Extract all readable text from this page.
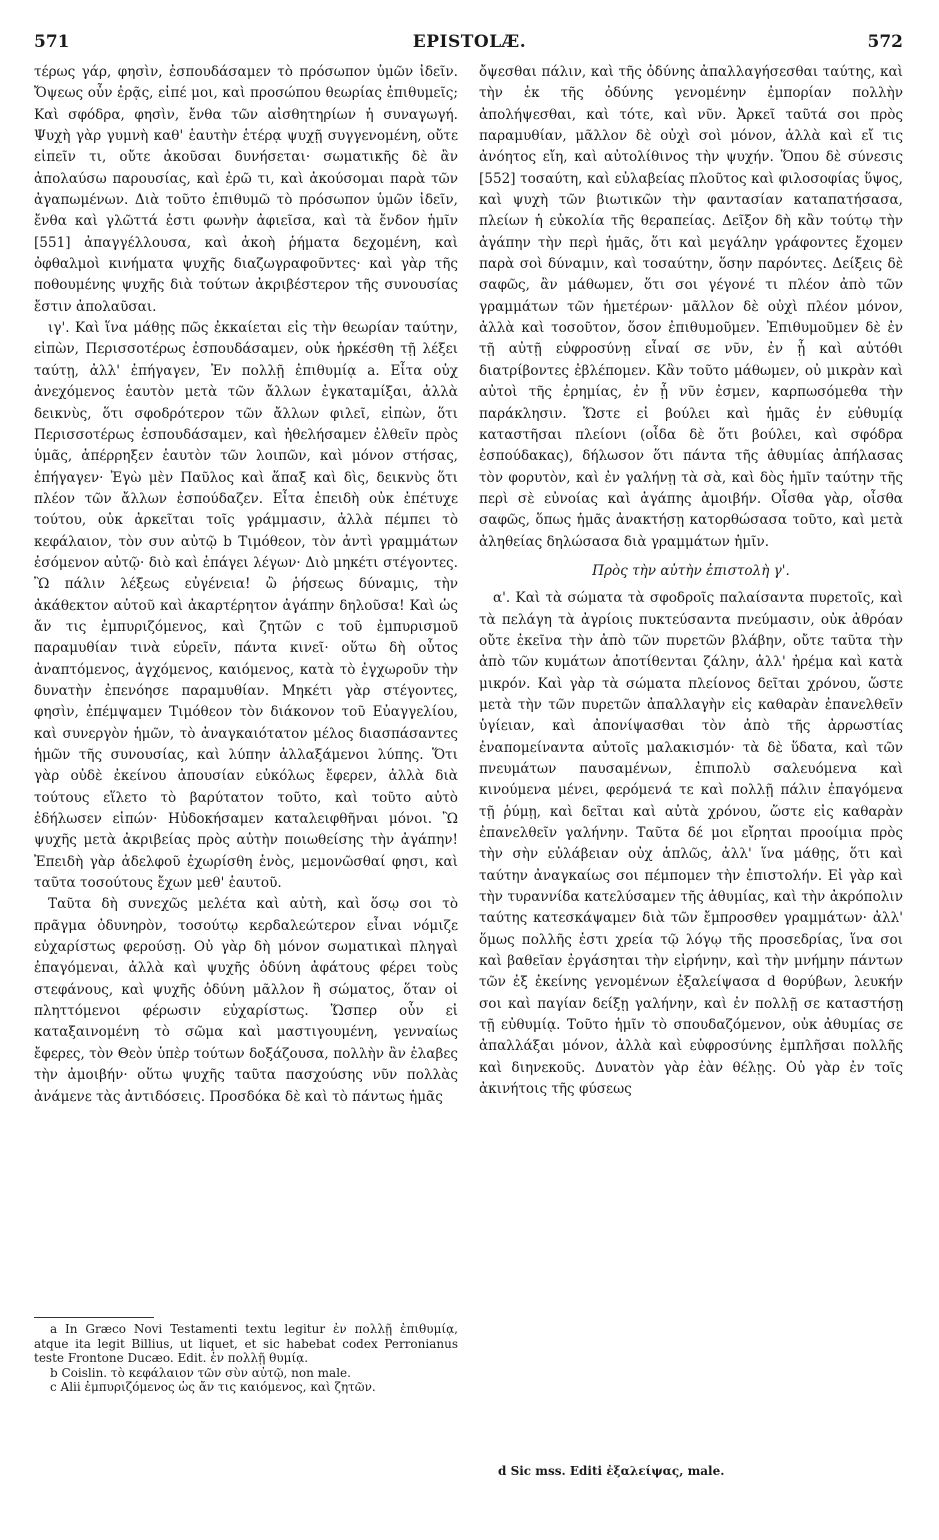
571	EPISTOLÆ.	572

τέρως γάρ, φησὶν, ἐσπουδάσαμεν τὸ πρόσωπον ὑμῶν ἰδεῖν. Ὄψεως οὖν ἐρᾷς, εἰπέ μοι, καὶ προσώπου θεωρίας ἐπιθυμεῖς; Καὶ σφόδρα, φησὶν, ἔνθα τῶν αἰσθητηρίων ἡ συναγωγή. Ψυχὴ γὰρ γυμνὴ καθ' ἑαυτὴν ἑτέρᾳ ψυχῇ συγγενομένη, οὔτε εἰπεῖν τι, οὔτε ἀκοῦσαι δυνήσεται· σωματικῆς δὲ ἂν ἀπολαύσω παρουσίας, καὶ ἐρῶ τι, καὶ ἀκούσομαι παρὰ τῶν ἀγαπωμένων. Διὰ τοῦτο ἐπιθυμῶ τὸ πρόσωπον ὑμῶν ἰδεῖν, ἔνθα καὶ γλῶττά ἐστι φωνὴν ἀφιεῖσα, καὶ τὰ ἔνδον ἡμῖν [551] ἀπαγγέλλουσα, καὶ ἀκοὴ ῥήματα δεχομένη, καὶ ὀφθαλμοὶ κινήματα ψυχῆς διαζωγραφοῦντες· καὶ γὰρ τῆς ποθουμένης ψυχῆς διὰ τούτων ἀκριβέστερον τῆς συνουσίας ἔστιν ἀπολαῦσαι.

ιγ'. Καὶ ἵνα μάθῃς πῶς ἐκκαίεται εἰς τὴν θεωρίαν ταύτην, εἰπὼν, Περισσοτέρως ἐσπουδάσαμεν, οὐκ ἠρκέσθη τῇ λέξει ταύτῃ, ἀλλ' ἐπήγαγεν, Ἐν πολλῇ ἐπιθυμίᾳ a. Εἶτα οὐχ ἀνεχόμενος ἑαυτὸν μετὰ τῶν ἄλλων ἐγκαταμίξαι, ἀλλὰ δεικνὺς, ὅτι σφοδρότερον τῶν ἄλλων φιλεῖ, εἰπὼν, ὅτι Περισσοτέρως ἐσπουδάσαμεν, καὶ ἠθελήσαμεν ἐλθεῖν πρὸς ὑμᾶς, ἀπέρρηξεν ἑαυτὸν τῶν λοιπῶν, καὶ μόνον στήσας, ἐπήγαγεν· Ἐγὼ μὲν Παῦλος καὶ ἅπαξ καὶ δὶς, δεικνὺς ὅτι πλέον τῶν ἄλλων ἐσπούδαζεν. Εἶτα ἐπειδὴ οὐκ ἐπέτυχε τούτου, οὐκ ἀρκεῖται τοῖς γράμμασιν, ἀλλὰ πέμπει τὸ κεφάλαιον, τὸν συν αὐτῷ b Τιμόθεον, τὸν ἀντὶ γραμμάτων ἐσόμενον αὐτῷ· διὸ καὶ ἐπάγει λέγων· Διὸ μηκέτι στέγοντες. Ὢ πάλιν λέξεως εὐγένεια! ὢ ῥήσεως δύναμις, τὴν ἀκάθεκτον αὐτοῦ καὶ ἀκαρτέρητον ἀγάπην δηλοῦσα! Καὶ ὡς ἄν τις ἐμπυριζόμενος, καὶ ζητῶν c τοῦ ἐμπυρισμοῦ παραμυθίαν τινὰ εὑρεῖν, πάντα κινεῖ· οὕτω δὴ οὗτος ἀναπτόμενος, ἀγχόμενος, καιόμενος, κατὰ τὸ ἐγχωροῦν τὴν δυνατὴν ἐπενόησε παραμυθίαν. Μηκέτι γὰρ στέγοντες, φησὶν, ἐπέμψαμεν Τιμόθεον τὸν διάκονον τοῦ Εὐαγγελίου, καὶ συνεργὸν ἡμῶν, τὸ ἀναγκαιότατον μέλος διασπάσαντες ἡμῶν τῆς συνουσίας, καὶ λύπην ἀλλαξάμενοι λύπης. Ὅτι γὰρ οὐδὲ ἐκείνου ἀπουσίαν εὐκόλως ἔφερεν, ἀλλὰ διὰ τούτους εἵλετο τὸ βαρύτατον τοῦτο, καὶ τοῦτο αὐτὸ ἐδήλωσεν εἰπών· Ηὐδοκήσαμεν καταλειφθῆναι μόνοι. Ὢ ψυχῆς μετὰ ἀκριβείας πρὸς αὐτὴν ποιωθείσης τὴν ἀγάπην! Ἐπειδὴ γὰρ ἀδελφοῦ ἐχωρίσθη ἑνὸς, μεμονῶσθαί φησι, καὶ ταῦτα τοσούτους ἔχων μεθ' ἑαυτοῦ.

Ταῦτα δὴ συνεχῶς μελέτα καὶ αὐτὴ, καὶ ὅσῳ σοι τὸ πρᾶγμα ὀδυνηρὸν, τοσούτῳ κερδαλεώτερον εἶναι νόμιζε εὐχαρίστως φερούσῃ. Οὐ γὰρ δὴ μόνον σωματικαὶ πληγαὶ ἐπαγόμεναι, ἀλλὰ καὶ ψυχῆς ὀδύνη ἀφάτους φέρει τοὺς στεφάνους, καὶ ψυχῆς ὀδύνη μᾶλλον ἢ σώματος, ὅταν οἱ πληττόμενοι φέρωσιν εὐχαρίστως. Ὥσπερ οὖν εἰ καταξαινομένη τὸ σῶμα καὶ μαστιγουμένη, γενναίως ἔφερες, τὸν Θεὸν ὑπὲρ τούτων δοξάζουσα, πολλὴν ἂν ἐλαβες τὴν ἀμοιβήν· οὕτω ψυχῆς ταῦτα πασχούσης νῦν πολλὰς ἀνάμενε τὰς ἀντιδόσεις. Προσδόκα δὲ καὶ τὸ πάντως ἡμᾶς

ὄψεσθαι πάλιν, καὶ τῆς ὀδύνης ἀπαλλαγήσεσθαι ταύτης, καὶ τὴν ἐκ τῆς ὀδύνης γενομένην ἐμπορίαν πολλὴν ἀπολήψεσθαι, καὶ τότε, καὶ νῦν. Ἀρκεῖ ταῦτά σοι πρὸς παραμυθίαν, μᾶλλον δὲ οὐχὶ σοὶ μόνον, ἀλλὰ καὶ εἴ τις ἀνόητος εἴη, καὶ αὐτολίθινος τὴν ψυχήν. Ὅπου δὲ σύνεσις [552] τοσαύτη, καὶ εὐλαβείας πλοῦτος καὶ φιλοσοφίας ὕψος, καὶ ψυχὴ τῶν βιωτικῶν τὴν φαντασίαν καταπατήσασα, πλείων ἡ εὐκολία τῆς θεραπείας. Δεῖξον δὴ κἂν τούτῳ τὴν ἀγάπην τὴν περὶ ἡμᾶς, ὅτι καὶ μεγάλην γράφοντες ἔχομεν παρὰ σοὶ δύναμιν, καὶ τοσαύτην, ὅσην παρόντες. Δείξεις δὲ σαφῶς, ἂν μάθωμεν, ὅτι σοι γέγονέ τι πλέον ἀπὸ τῶν γραμμάτων τῶν ἡμετέρων· μᾶλλον δὲ οὐχὶ πλέον μόνον, ἀλλὰ καὶ τοσοῦτον, ὅσον ἐπιθυμοῦμεν. Ἐπιθυμοῦμεν δὲ ἐν τῇ αὐτῇ εὐφροσύνῃ εἶναί σε νῦν, ἐν ᾗ καὶ αὐτόθι διατρίβοντες ἐβλέπομεν. Κἂν τοῦτο μάθωμεν, οὐ μικρὰν καὶ αὐτοὶ τῆς ἐρημίας, ἐν ᾗ νῦν ἐσμεν, καρπωσόμεθα τὴν παράκλησιν. Ὥστε εἰ βούλει καὶ ἡμᾶς ἐν εὐθυμίᾳ καταστῆσαι πλείονι (οἶδα δὲ ὅτι βούλει, καὶ σφόδρα ἐσπούδακας), δήλωσον ὅτι πάντα τῆς ἀθυμίας ἀπήλασας τὸν φορυτὸν, καὶ ἐν γαλήνῃ τὰ σὰ, καὶ δὸς ἡμῖν ταύτην τῆς περὶ σὲ εὐνοίας καὶ ἀγάπης ἀμοιβήν. Οἶσθα γὰρ, οἶσθα σαφῶς, ὅπως ἡμᾶς ἀνακτήσῃ κατορθώσασα τοῦτο, καὶ μετὰ ἀληθείας δηλώσασα διὰ γραμμάτων ἡμῖν.

Πρὸς τὴν αὐτὴν ἐπιστολὴ γ'.

α'. Καὶ τὰ σώματα τὰ σφοδροῖς παλαίσαντα πυρετοῖς, καὶ τὰ πελάγη τὰ ἀγρίοις πυκτεύσαντα πνεύμασιν, οὐκ ἀθρόαν οὔτε ἐκεῖνα τὴν ἀπὸ τῶν πυρετῶν βλάβην, οὔτε ταῦτα τὴν ἀπὸ τῶν κυμάτων ἀποτίθενται ζάλην, ἀλλ' ἠρέμα καὶ κατὰ μικρόν. Καὶ γὰρ τὰ σώματα πλείονος δεῖται χρόνου, ὥστε μετὰ τὴν τῶν πυρετῶν ἀπαλλαγὴν εἰς καθαρὰν ἐπανελθεῖν ὑγίειαν, καὶ ἀπονίψασθαι τὸν ἀπὸ τῆς ἀρρωστίας ἐναπομείναντα αὐτοῖς μαλακισμόν· τὰ δὲ ὕδατα, καὶ τῶν πνευμάτων παυσαμένων, ἐπιπολὺ σαλευόμενα καὶ κινούμενα μένει, φερόμενά τε καὶ πολλῇ πάλιν ἐπαγόμενα τῇ ῥύμῃ, καὶ δεῖται καὶ αὐτὰ χρόνου, ὥστε εἰς καθαρὰν ἐπανελθεῖν γαλήνην. Ταῦτα δέ μοι εἴρηται προοίμια πρὸς τὴν σὴν εὐλάβειαν οὐχ ἁπλῶς, ἀλλ' ἵνα μάθῃς, ὅτι καὶ ταύτην ἀναγκαίως σοι πέμπομεν τὴν ἐπιστολήν. Εἰ γὰρ καὶ τὴν τυραννίδα κατελύσαμεν τῆς ἀθυμίας, καὶ τὴν ἀκρόπολιν ταύτης κατεσκάψαμεν διὰ τῶν ἔμπροσθεν γραμμάτων· ἀλλ' ὅμως πολλῆς ἐστι χρεία τῷ λόγῳ τῆς προσεδρίας, ἵνα σοι καὶ βαθεῖαν ἐργάσηται τὴν εἰρήνην, καὶ τὴν μνήμην πάντων τῶν ἐξ ἐκείνης γενομένων ἐξαλείψασα d θορύβων, λευκήν σοι καὶ παγίαν δείξῃ γαλήνην, καὶ ἐν πολλῇ σε καταστήσῃ τῇ εὐθυμίᾳ. Τοῦτο ἡμῖν τὸ σπουδαζόμενον, οὐκ ἀθυμίας σε ἀπαλλάξαι μόνον, ἀλλὰ καὶ εὐφροσύνης ἐμπλῆσαι πολλῆς καὶ διηνεκοῦς. Δυνατὸν γὰρ ἐὰν θέλῃς. Οὐ γὰρ ἐν τοῖς ἀκινήτοις τῆς φύσεως

a In Græco Novi Testamenti textu legitur ἐν πολλῇ ἐπιθυμίᾳ, atque ita legit Billius, ut liquet, et sic habebat codex Perronianus teste Frontone Ducæo. Edit. ἐν πολλῇ θυμίᾳ.

b Coislin. τὸ κεφάλαιον τῶν σὺν αὐτῷ, non male.

c Alii ἐμπυριζόμενος ὡς ἄν τις καιόμενος, καὶ ζητῶν.

d Sic mss. Editi ἐξαλείψας, male.
